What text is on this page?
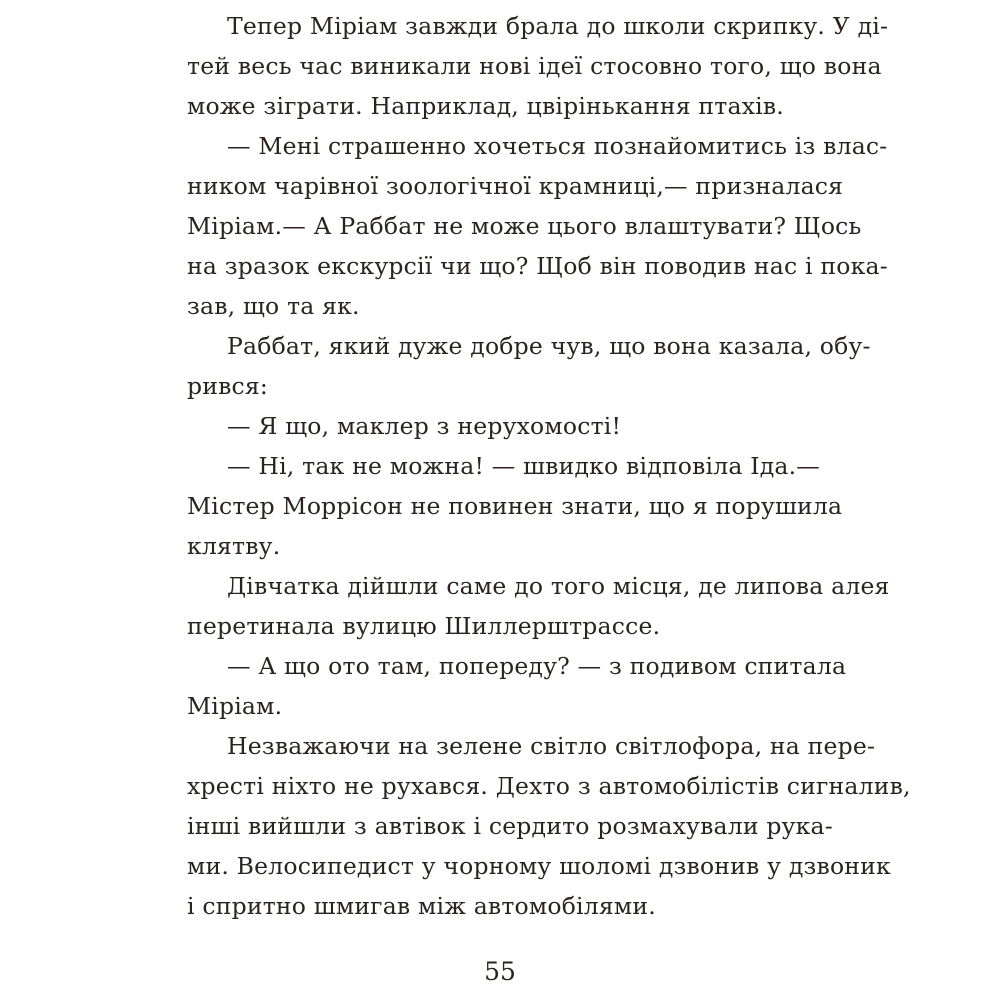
Тепер Міріам завжди брала до школи скрипку. У ді-
тей весь час виникали нові ідеї стосовно того, що вона
може зіграти. Наприклад, цвірінькання птахів.
— Мені страшенно хочеться познайомитись із влас-
ником чарівної зоологічної крамниці,— призналася
Міріам.— А Раббат не може цього влаштувати? Щось
на зразок екскурсії чи що? Щоб він поводив нас і пока-
зав, що та як.
Раббат, який дуже добре чув, що вона казала, обу-
рився:
— Я що, маклер з нерухомості!
— Ні, так не можна! — швидко відповіла Іда.—
Містер Моррісон не повинен знати, що я порушила
клятву.
Дівчатка дійшли саме до того місця, де липова алея
перетинала вулицю Шиллерштрассе.
— А що ото там, попереду? — з подивом спитала
Міріам.
Незважаючи на зелене світло світлофора, на пере-
хресті ніхто не рухався. Дехто з автомобілістів сигналив,
інші вийшли з автівок і сердито розмахували рука-
ми. Велосипедист у чорному шоломі дзвонив у дзвоник
і спритно шмигав між автомобілями.
55
